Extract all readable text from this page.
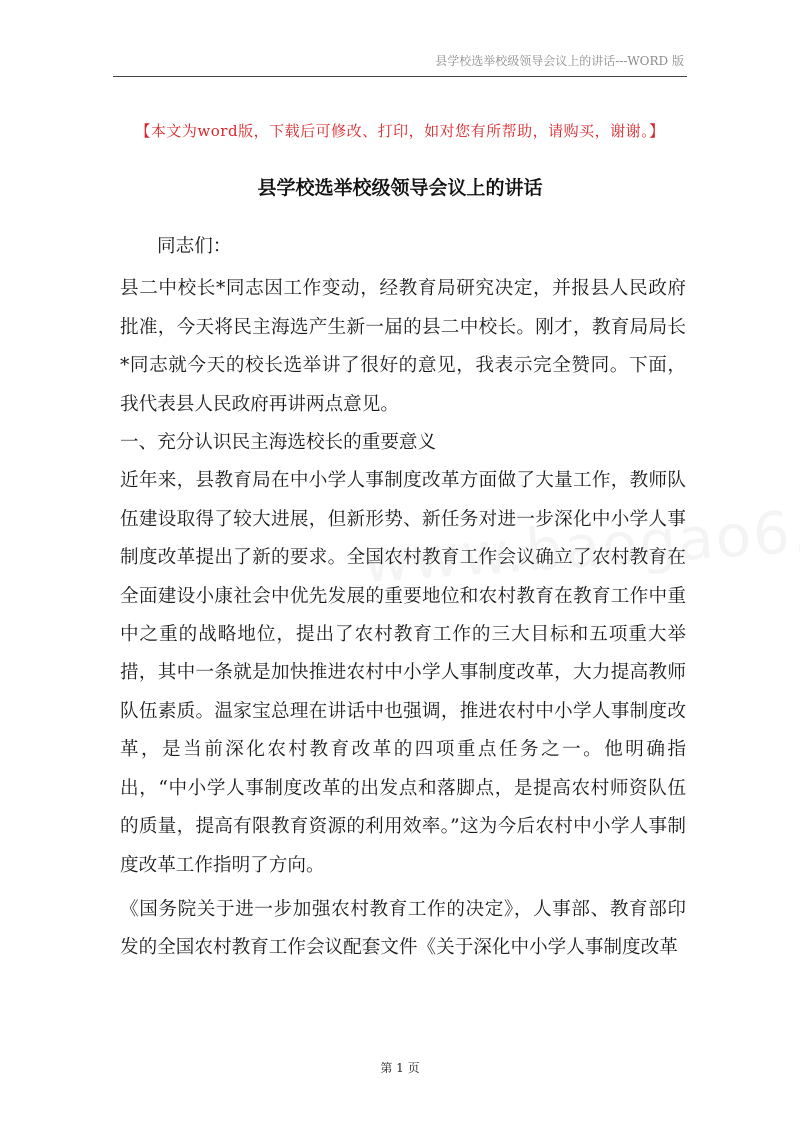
县学校选举校级领导会议上的讲话---WORD 版
【本文为word版，下载后可修改、打印，如对您有所帮助，请购买，谢谢。】
县学校选举校级领导会议上的讲话

同志们：

县二中校长*同志因工作变动，经教育局研究决定，并报县人民政府批准，今天将民主海选产生新一届的县二中校长。刚才，教育局局长*同志就今天的校长选举讲了很好的意见，我表示完全赞同。下面，我代表县人民政府再讲两点意见。

一、充分认识民主海选校长的重要意义

近年来，县教育局在中小学人事制度改革方面做了大量工作，教师队伍建设取得了较大进展，但新形势、新任务对进一步深化中小学人事制度改革提出了新的要求。全国农村教育工作会议确立了农村教育在全面建设小康社会中优先发展的重要地位和农村教育在教育工作中重中之重的战略地位，提出了农村教育工作的三大目标和五项重大举措，其中一条就是加快推进农村中小学人事制度改革，大力提高教师队伍素质。温家宝总理在讲话中也强调，推进农村中小学人事制度改革，是当前深化农村教育改革的四项重点任务之一。他明确指出，“中小学人事制度改革的出发点和落脚点，是提高农村师资队伍的质量，提高有限教育资源的利用效率。”这为今后农村中小学人事制度改革工作指明了方向。

《国务院关于进一步加强农村教育工作的决定》，人事部、教育部印发的全国农村教育工作会议配套文件《关于深化中小学人事制度改革

第 1 页
